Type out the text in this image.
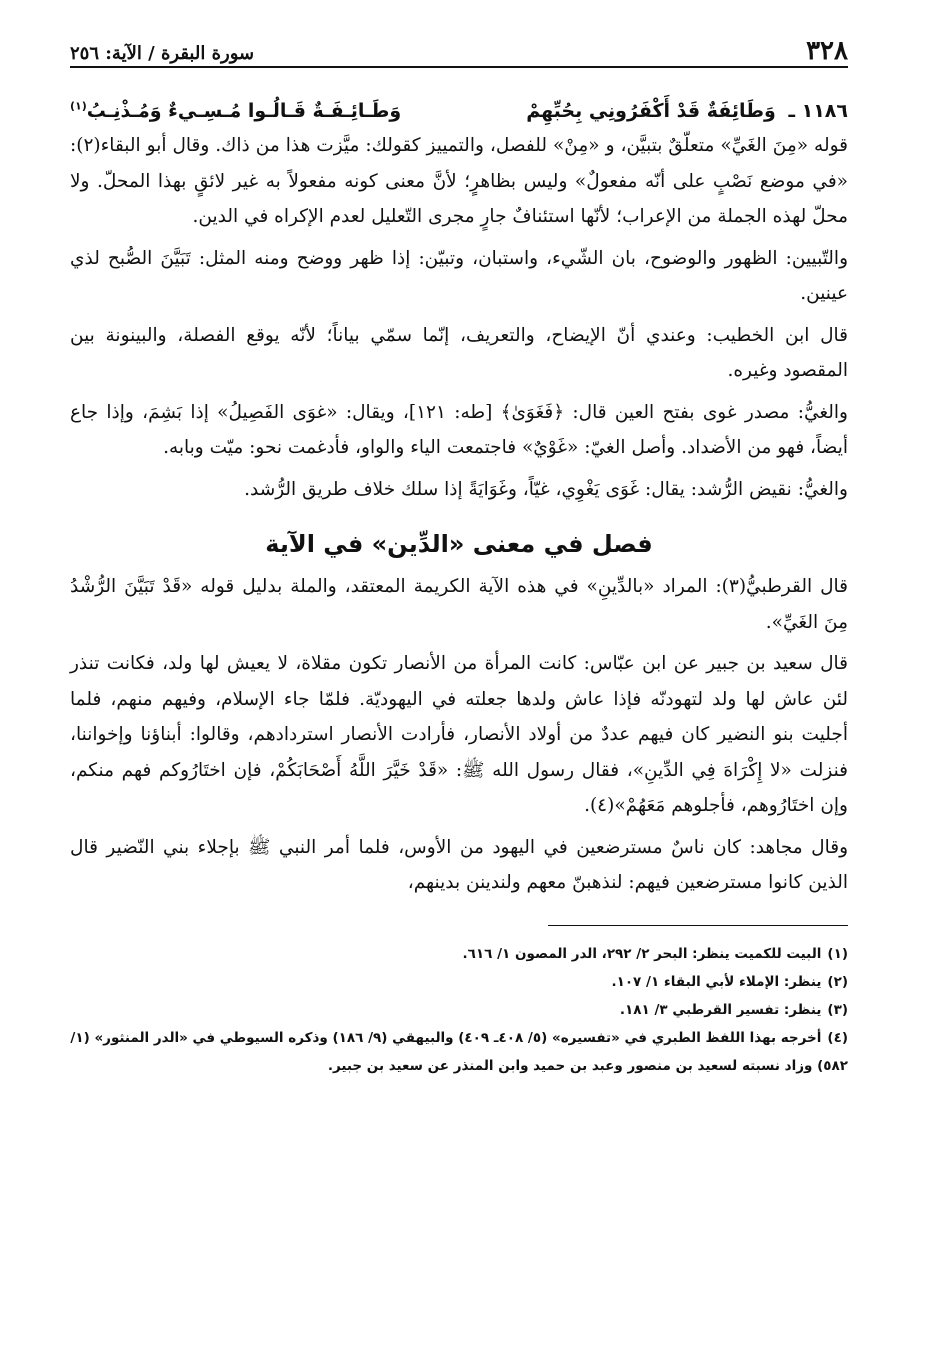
٣٢٨
سورة البقرة / الآية: ٢٥٦
١١٨٦ ـ وَطَائِفَةٌ قَدْ أَكْفَرُونِي بِحُبِّهِمْ
وَطَـائِـفَـةٌ قَـالُـوا مُـسِـيءٌ وَمُـذْنِـبُ$^{(١)}$

قوله «مِنَ الغَيِّ» متعلّقٌ بتبيَّن، و «مِنْ» للفصل، والتمييز كقولك: ميَّزت هذا من ذاك. وقال أبو البقاء(٢): «في موضع نَصْبٍ على أنّه مفعولٌ» وليس بظاهرٍ؛ لأنَّ معنى كونه مفعولاً به غير لائقٍ بهذا المحلّ. ولا محلّ لهذه الجملة من الإعراب؛ لأنّها استئنافٌ جارٍ مجرى التّعليل لعدم الإكراه في الدين.

والتّبيين: الظهور والوضوح، بان الشّيء، واستبان، وتبيّن: إذا ظهر ووضح ومنه المثل: تَبَيَّنَ الصُّبح لذي عينين.

قال ابن الخطيب: وعندي أنّ الإيضاح، والتعريف، إنّما سمّي بياناً؛ لأنّه يوقع الفصلة، والبينونة بين المقصود وغيره.

والغيُّ: مصدر غوى بفتح العين قال: ﴿فَغَوَىٰ﴾ [طه: ١٢١]، ويقال: «غوَى الفَصِيلُ» إذا بَشِمَ، وإذا جاع أيضاً، فهو من الأضداد. وأصل الغيّ: «غَوْيٌ» فاجتمعت الياء والواو، فأدغمت نحو: ميّت وبابه.

والغيُّ: نقيض الرُّشد: يقال: غَوَى يَغْوِي، غيّاً، وغَوَايَةً إذا سلك خلاف طريق الرُّشد.

فصل في معنى «الدِّين» في الآية

قال القرطبيُّ(٣): المراد «بالدِّينِ» في هذه الآية الكريمة المعتقد، والملة بدليل قوله «قَدْ تَبَيَّنَ الرُّشْدُ مِنَ الغَيِّ».

قال سعيد بن جبير عن ابن عبّاس: كانت المرأة من الأنصار تكون مقلاة، لا يعيش لها ولد، فكانت تنذر لئن عاش لها ولد لتهودنّه فإذا عاش ولدها جعلته في اليهوديّة. فلمّا جاء الإسلام، وفيهم منهم، فلما أجليت بنو النضير كان فيهم عددٌ من أولاد الأنصار، فأرادت الأنصار استردادهم، وقالوا: أبناؤنا وإخواننا، فنزلت «لا إِكْرَاهَ فِي الدِّينِ»، فقال رسول الله ﷺ: «قَدْ خَيَّرَ اللَّهُ أَصْحَابَكُمْ، فإن اختَارُوكم فهم منكم، وإن اختَارُوهم، فأجلوهم مَعَهُمْ»(٤).

وقال مجاهد: كان ناسٌ مسترضعين في اليهود من الأوس، فلما أمر النبي ﷺ بإجلاء بني النّضير قال الذين كانوا مسترضعين فيهم: لنذهبنّ معهم ولندينن بدينهم،

(١)البيت للكميت ينظر: البحر ٢/ ٢٩٢، الدر المصون ١/ ٦١٦.

(٢)ينظر: الإملاء لأبي البقاء ١/ ١٠٧.

(٣)ينظر: تفسير القرطبي ٣/ ١٨١.

(٤)أخرجه بهذا اللفظ الطبري في «تفسيره» (٥/ ٤٠٨ـ ٤٠٩) والبيهقي (٩/ ١٨٦) وذكره السيوطي في «الدر المنثور» (١/ ٥٨٢) وزاد نسبته لسعيد بن منصور وعبد بن حميد وابن المنذر عن سعيد بن جبير.
